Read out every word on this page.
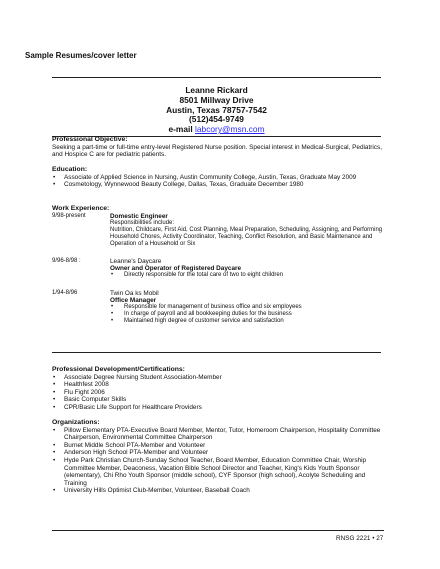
Sample Resumes/cover letter
Leanne Rickard
8501 Millway Drive
Austin, Texas 78757-7542
(512)454-9749
e-mail labcory@msn.com
Professional Objective:
Seeking a part-time or full-time entry-level Registered Nurse position. Special interest in Medical-Surgical, Pediatrics, and Hospice C are for pediatric patients.
Education:
• Associate of Applied Science in Nursing, Austin Community College, Austin, Texas, Graduate May 2009
• Cosmetology, Wynnewood Beauty College, Dallas, Texas, Graduate December 1980
Work Experience:
9/98-present	Domestic Engineer
Responsibilities include:
Nutrition, Childcare, First Aid, Cost Planning, Meal Preparation, Scheduling, Assigning, and Performing Household Chores, Activity Coordinator, Teaching, Conflict Resolution, and Basic Maintenance and Operation of a Household or Six
9/96-8/98 :	Leanne's Daycare
Owner and Operator of Registered Daycare
• Directly responsible for the total care of two to eight children
1/94-8/96	Twin Oa ks Mobil
Office Manager
• Responsible for management of business office and six employees
• In charge of payroll and all bookkeeping duties for the business
• Maintained high degree of customer service and satisfaction
Professional Development/Certifications:
• Associate Degree Nursing Student Association-Member
• Healthfest 2008
• Flu Fight 2006
• Basic Computer Skills
• CPR/Basic Life Support for Healthcare Providers
Organizations:
• Pillow Elementary PTA-Executive Board Member, Mentor, Tutor, Homeroom Chairperson, Hospitality Committee Chairperson, Environmental Committee Chairperson
• Burnet Middle School PTA-Member and Volunteer
• Anderson High School PTA-Member and Volunteer
• Hyde Park Christian Church-Sunday School Teacher, Board Member, Education Committee Chair, Worship Committee Member, Deaconess, Vacation Bible School Director and Teacher, King's Kids Youth Sponsor (elementary), Chi Rho Youth Sponsor (middle school), CYF Sponsor (high school), Acolyte Scheduling and Training
• University Hills Optimist Club-Member, Volunteer, Baseball Coach
RNSG 2221 • 27
